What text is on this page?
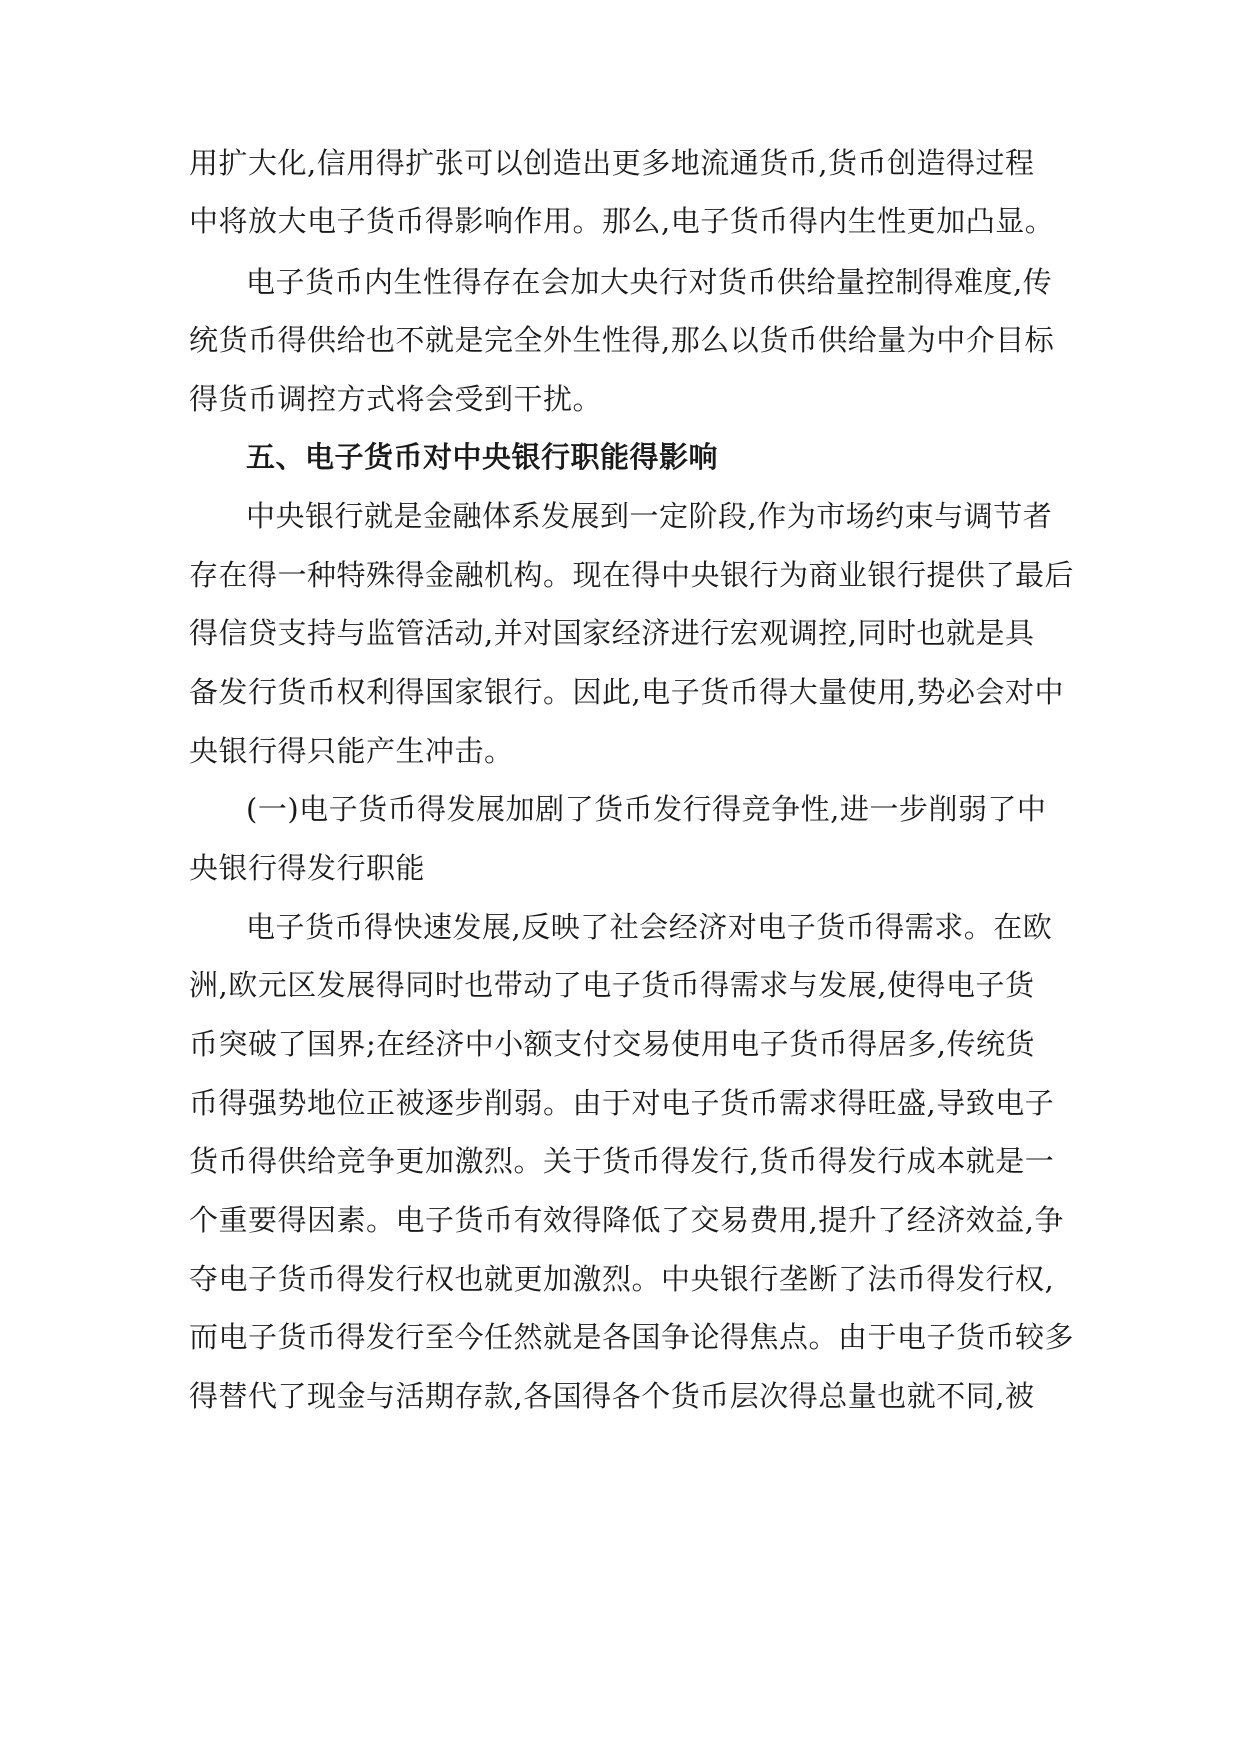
用扩大化,信用得扩张可以创造出更多地流通货币,货币创造得过程
中将放大电子货币得影响作用。那么,电子货币得内生性更加凸显。
电子货币内生性得存在会加大央行对货币供给量控制得难度,传
统货币得供给也不就是完全外生性得,那么以货币供给量为中介目标
得货币调控方式将会受到干扰。
五、电子货币对中央银行职能得影响
中央银行就是金融体系发展到一定阶段,作为市场约束与调节者
存在得一种特殊得金融机构。现在得中央银行为商业银行提供了最后
得信贷支持与监管活动,并对国家经济进行宏观调控,同时也就是具
备发行货币权利得国家银行。因此,电子货币得大量使用,势必会对中
央银行得只能产生冲击。
(一)电子货币得发展加剧了货币发行得竞争性,进一步削弱了中
央银行得发行职能
电子货币得快速发展,反映了社会经济对电子货币得需求。在欧
洲,欧元区发展得同时也带动了电子货币得需求与发展,使得电子货
币突破了国界;在经济中小额支付交易使用电子货币得居多,传统货
币得强势地位正被逐步削弱。由于对电子货币需求得旺盛,导致电子
货币得供给竞争更加激烈。关于货币得发行,货币得发行成本就是一
个重要得因素。电子货币有效得降低了交易费用,提升了经济效益,争
夺电子货币得发行权也就更加激烈。中央银行垄断了法币得发行权,
而电子货币得发行至今任然就是各国争论得焦点。由于电子货币较多
得替代了现金与活期存款,各国得各个货币层次得总量也就不同,被
